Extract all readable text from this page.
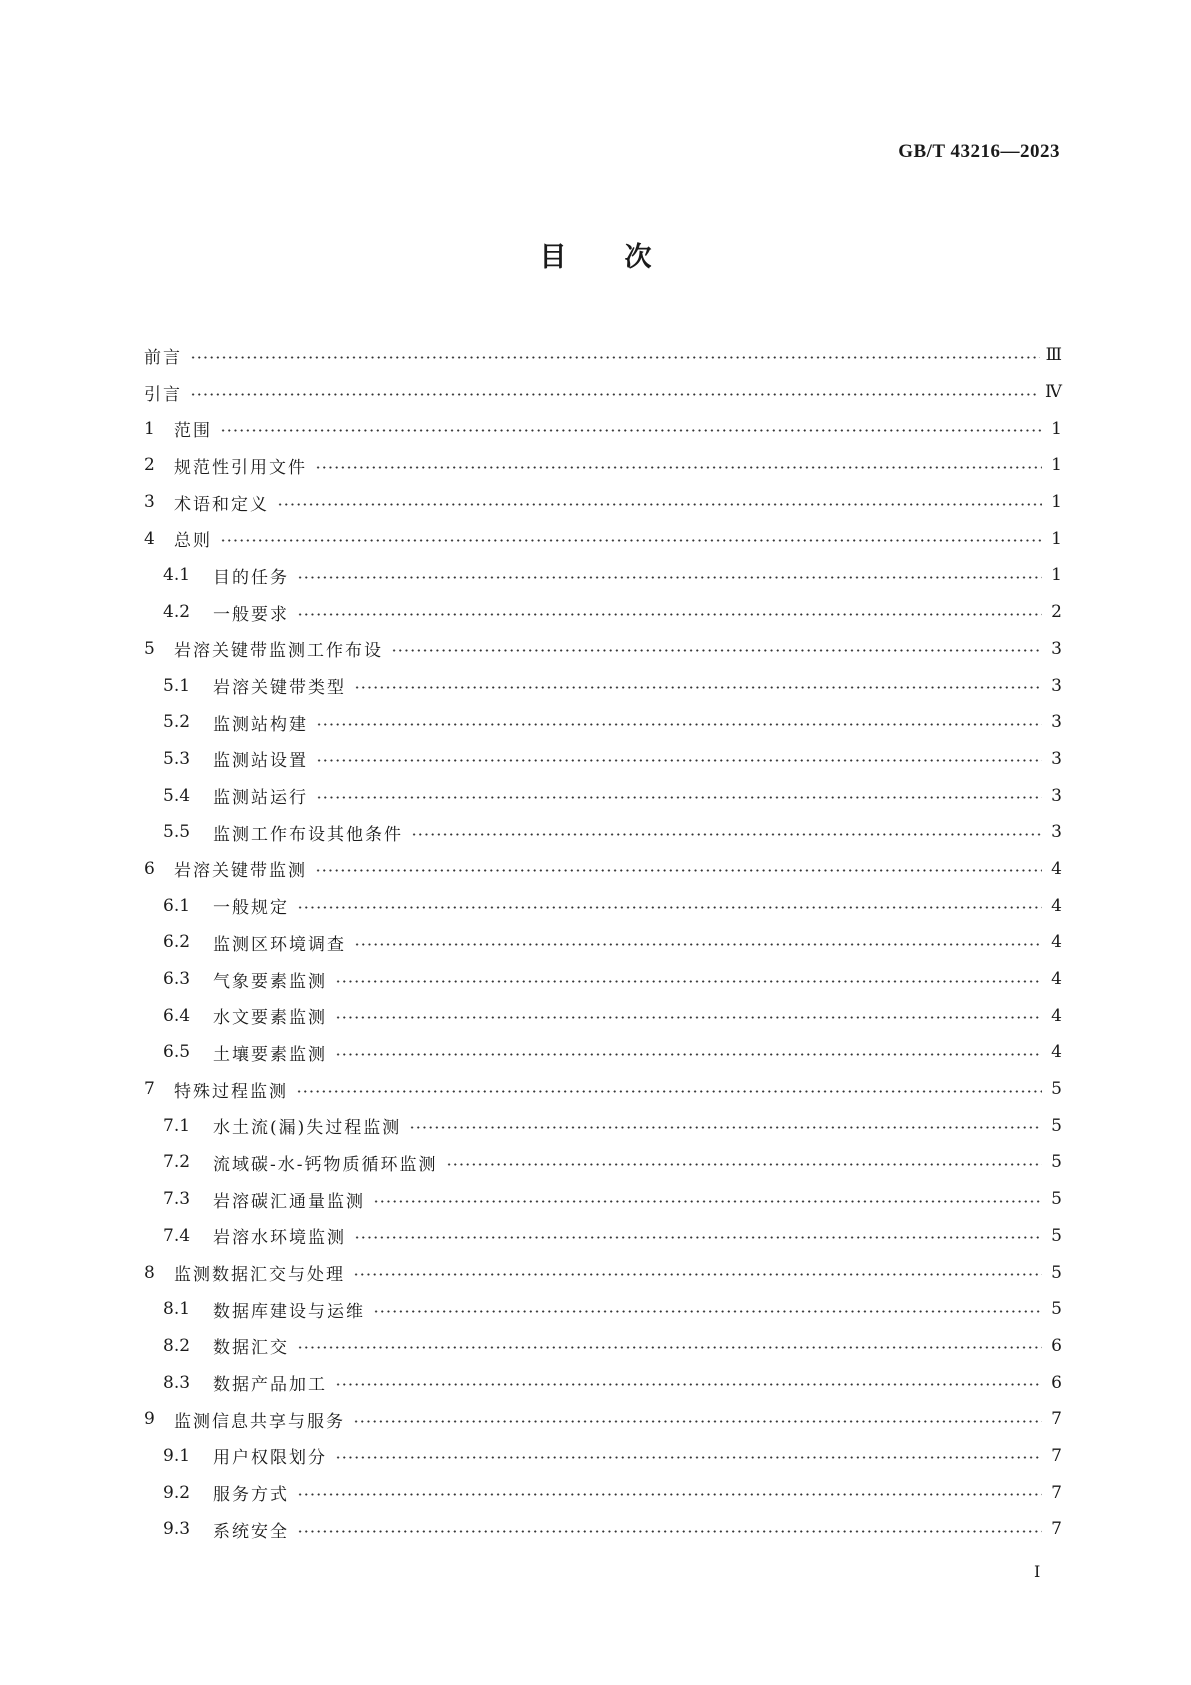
GB/T 43216—2023
目次
前言	Ⅲ
引言	Ⅳ
1	范围	1
2	规范性引用文件	1
3	术语和定义	1
4	总则	1
4.1	目的任务	1
4.2	一般要求	2
5	岩溶关键带监测工作布设	3
5.1	岩溶关键带类型	3
5.2	监测站构建	3
5.3	监测站设置	3
5.4	监测站运行	3
5.5	监测工作布设其他条件	3
6	岩溶关键带监测	4
6.1	一般规定	4
6.2	监测区环境调查	4
6.3	气象要素监测	4
6.4	水文要素监测	4
6.5	土壤要素监测	4
7	特殊过程监测	5
7.1	水土流(漏)失过程监测	5
7.2	流域碳-水-钙物质循环监测	5
7.3	岩溶碳汇通量监测	5
7.4	岩溶水环境监测	5
8	监测数据汇交与处理	5
8.1	数据库建设与运维	5
8.2	数据汇交	6
8.3	数据产品加工	6
9	监测信息共享与服务	7
9.1	用户权限划分	7
9.2	服务方式	7
9.3	系统安全	7
I
